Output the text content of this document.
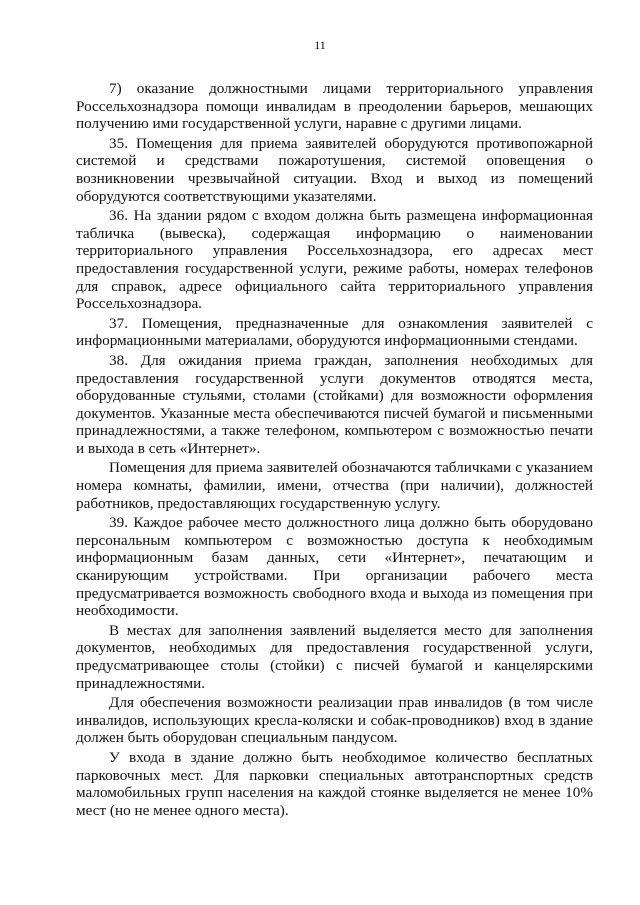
11

7) оказание должностными лицами территориального управления Россельхознадзора помощи инвалидам в преодолении барьеров, мешающих получению ими государственной услуги, наравне с другими лицами.

35. Помещения для приема заявителей оборудуются противопожарной системой и средствами пожаротушения, системой оповещения о возникновении чрезвычайной ситуации. Вход и выход из помещений оборудуются соответствующими указателями.

36. На здании рядом с входом должна быть размещена информационная табличка (вывеска), содержащая информацию о наименовании территориального управления Россельхознадзора, его адресах мест предоставления государственной услуги, режиме работы, номерах телефонов для справок, адресе официального сайта территориального управления Россельхознадзора.

37. Помещения, предназначенные для ознакомления заявителей с информационными материалами, оборудуются информационными стендами.

38. Для ожидания приема граждан, заполнения необходимых для предоставления государственной услуги документов отводятся места, оборудованные стульями, столами (стойками) для возможности оформления документов. Указанные места обеспечиваются писчей бумагой и письменными принадлежностями, а также телефоном, компьютером с возможностью печати и выхода в сеть «Интернет».

Помещения для приема заявителей обозначаются табличками с указанием номера комнаты, фамилии, имени, отчества (при наличии), должностей работников, предоставляющих государственную услугу.

39. Каждое рабочее место должностного лица должно быть оборудовано персональным компьютером с возможностью доступа к необходимым информационным базам данных, сети «Интернет», печатающим и сканирующим устройствами. При организации рабочего места предусматривается возможность свободного входа и выхода из помещения при необходимости.

В местах для заполнения заявлений выделяется место для заполнения документов, необходимых для предоставления государственной услуги, предусматривающее столы (стойки) с писчей бумагой и канцелярскими принадлежностями.

Для обеспечения возможности реализации прав инвалидов (в том числе инвалидов, использующих кресла-коляски и собак-проводников) вход в здание должен быть оборудован специальным пандусом.

У входа в здание должно быть необходимое количество бесплатных парковочных мест. Для парковки специальных автотранспортных средств маломобильных групп населения на каждой стоянке выделяется не менее 10% мест (но не менее одного места).
